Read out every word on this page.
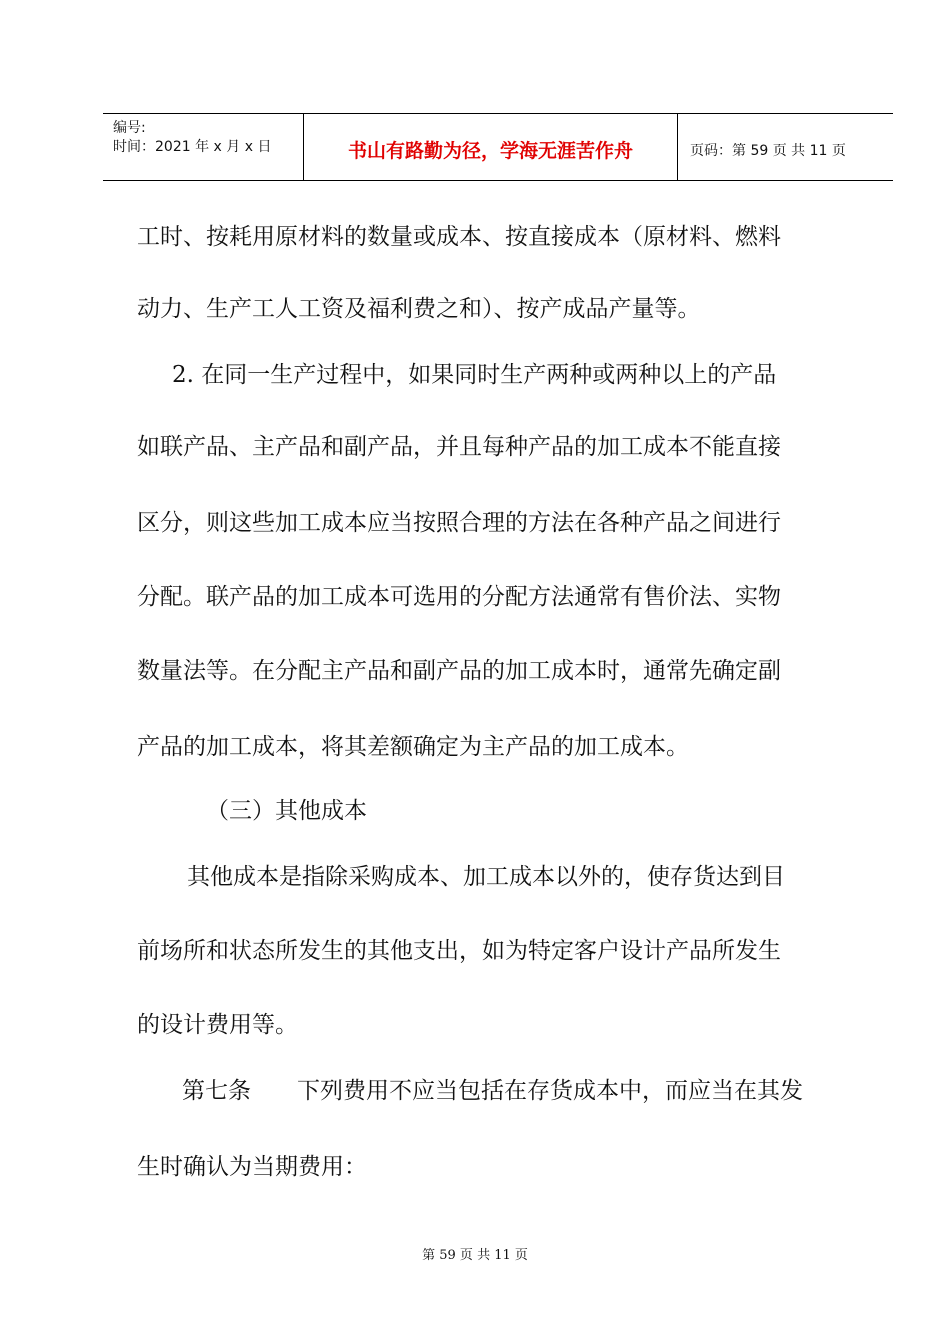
编号:
时间：2021 年 x 月 x 日	书山有路勤为径，学海无涯苦作舟	页码：第 59 页 共 11 页
工时、按耗用原材料的数量或成本、按直接成本（原材料、燃料
动力、生产工人工资及福利费之和）、按产成品产量等。
2. 在同一生产过程中，如果同时生产两种或两种以上的产品
如联产品、主产品和副产品，并且每种产品的加工成本不能直接
区分，则这些加工成本应当按照合理的方法在各种产品之间进行
分配。联产品的加工成本可选用的分配方法通常有售价法、实物
数量法等。在分配主产品和副产品的加工成本时，通常先确定副
产品的加工成本，将其差额确定为主产品的加工成本。
（三）其他成本
其他成本是指除采购成本、加工成本以外的，使存货达到目
前场所和状态所发生的其他支出，如为特定客户设计产品所发生
的设计费用等。
第七条　　下列费用不应当包括在存货成本中，而应当在其发
生时确认为当期费用：
第 59 页 共 11 页
